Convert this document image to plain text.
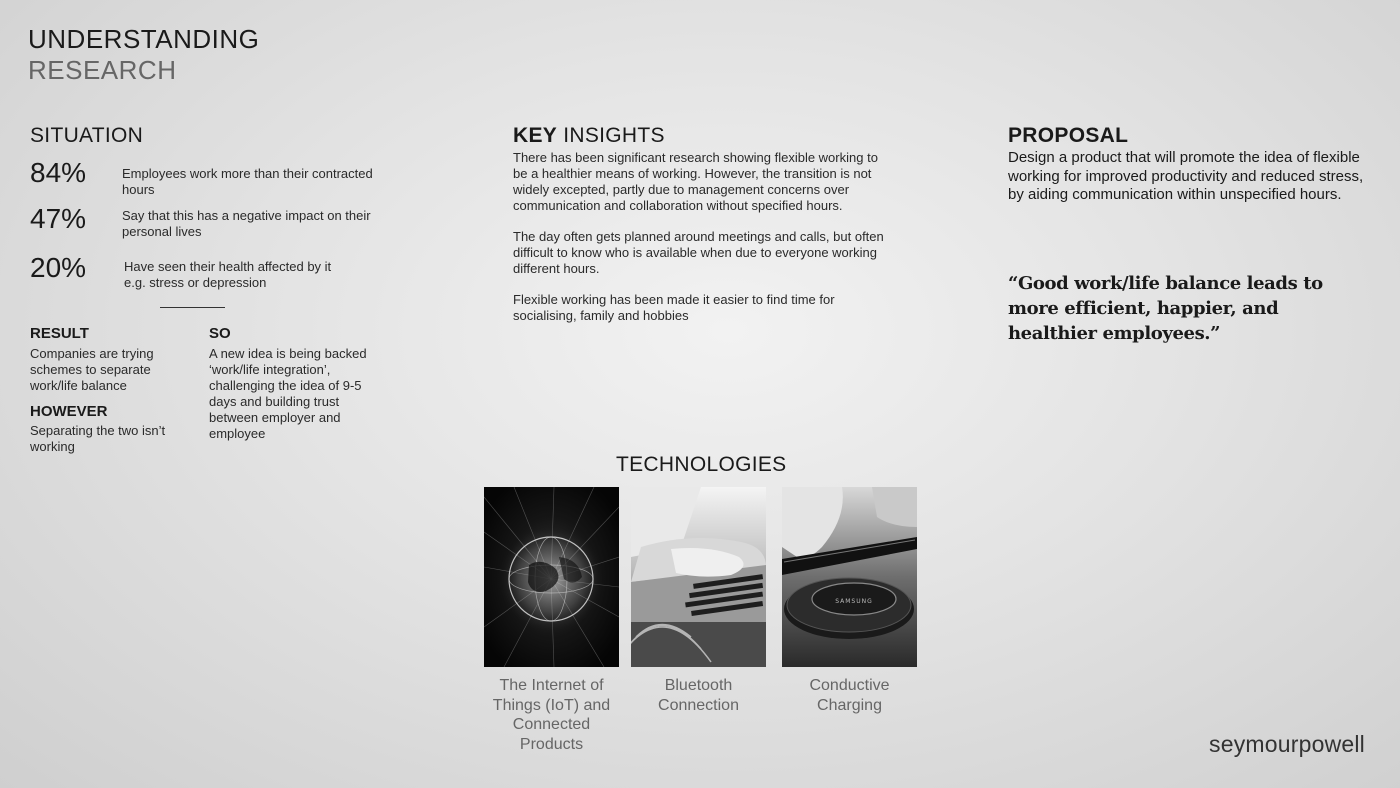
UNDERSTANDING
RESEARCH
SITUATION
84%	Employees work more than their contracted hours
47%	Say that this has a negative impact on their personal lives
20%	Have seen their health affected by it e.g. stress or depression
RESULT
Companies are trying schemes to separate work/life balance
HOWEVER
Separating the two isn’t working
SO
A new idea is being backed ‘work/life integration’, challenging the idea of 9-5 days and building trust between employer and employee
KEY INSIGHTS
There has been significant research showing flexible working to be a healthier means of working. However, the transition is not widely excepted, partly due to management concerns over communication and collaboration without specified hours.
The day often gets planned around meetings and calls, but often difficult to know who is available when due to everyone working different hours.
Flexible working has been made it easier to find time for socialising, family and hobbies
PROPOSAL
Design a product that will promote the idea of flexible working for improved productivity and reduced stress, by aiding communication within unspecified hours.
“Good work/life balance leads to more efficient, happier, and healthier employees.”
TECHNOLOGIES
SAMSUNG
The Internet of Things (IoT) and Connected Products
Bluetooth Connection
Conductive Charging
seymourpowell
